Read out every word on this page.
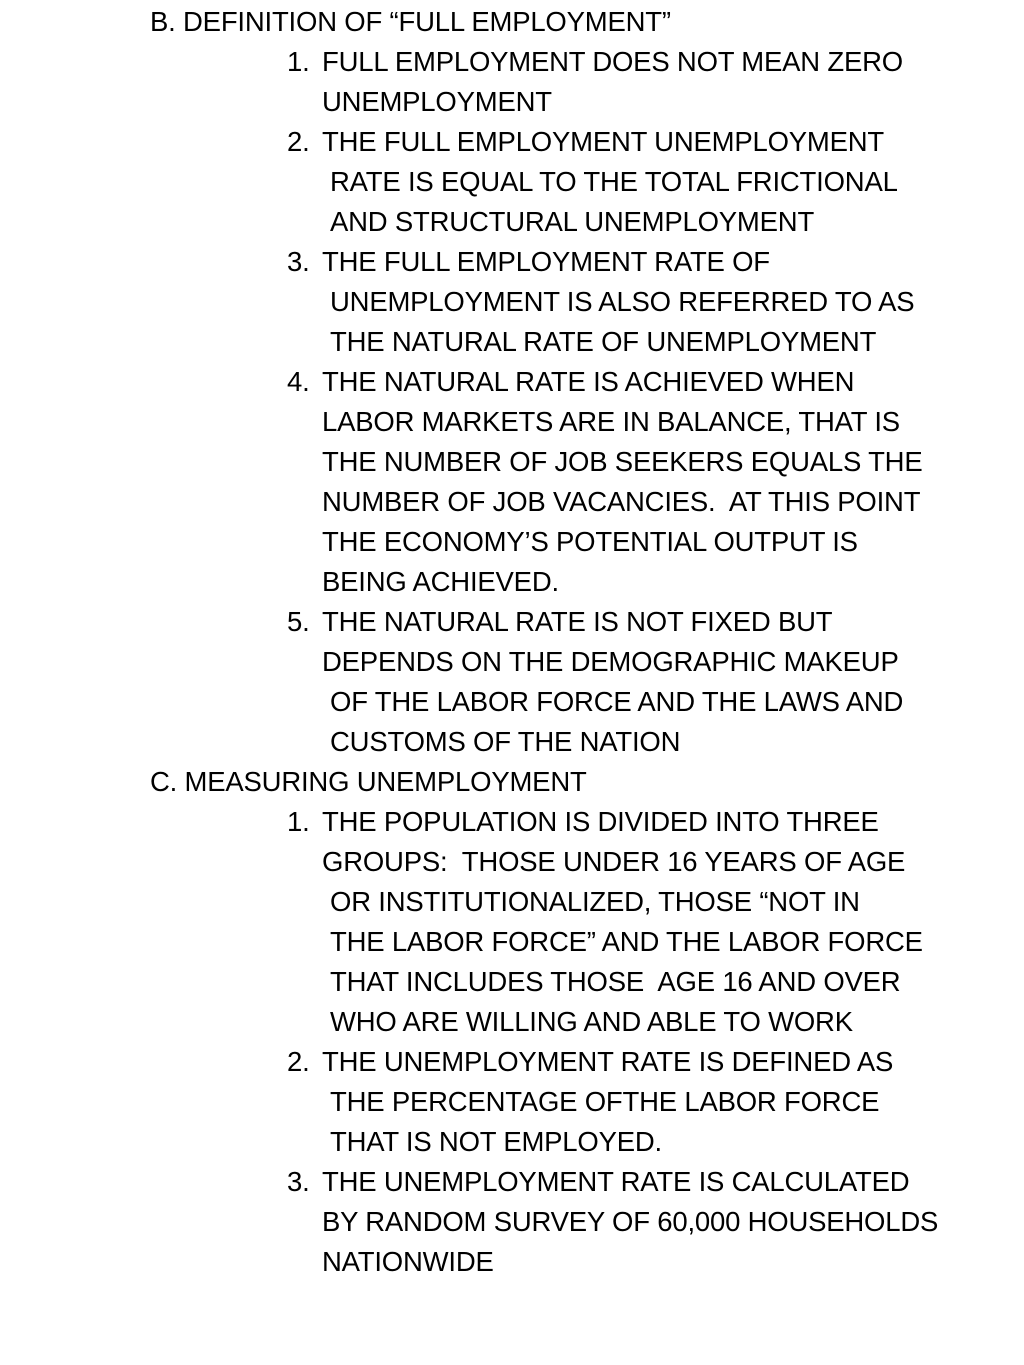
B. DEFINITION OF “FULL EMPLOYMENT”
1. FULL EMPLOYMENT DOES NOT MEAN ZERO
UNEMPLOYMENT
2. THE FULL EMPLOYMENT UNEMPLOYMENT
RATE IS EQUAL TO THE TOTAL FRICTIONAL
AND STRUCTURAL UNEMPLOYMENT
3. THE FULL EMPLOYMENT RATE OF
UNEMPLOYMENT IS ALSO REFERRED TO AS
THE NATURAL RATE OF UNEMPLOYMENT
4. THE NATURAL RATE IS ACHIEVED WHEN
LABOR MARKETS ARE IN BALANCE, THAT IS
THE NUMBER OF JOB SEEKERS EQUALS THE
NUMBER OF JOB VACANCIES.  AT THIS POINT
THE ECONOMY’S POTENTIAL OUTPUT IS
BEING ACHIEVED.
5. THE NATURAL RATE IS NOT FIXED BUT
DEPENDS ON THE DEMOGRAPHIC MAKEUP
OF THE LABOR FORCE AND THE LAWS AND
CUSTOMS OF THE NATION
C. MEASURING UNEMPLOYMENT
1. THE POPULATION IS DIVIDED INTO THREE
GROUPS:  THOSE UNDER 16 YEARS OF AGE
OR INSTITUTIONALIZED, THOSE “NOT IN
THE LABOR FORCE” AND THE LABOR FORCE
THAT INCLUDES THOSE  AGE 16 AND OVER
WHO ARE WILLING AND ABLE TO WORK
2. THE UNEMPLOYMENT RATE IS DEFINED AS
THE PERCENTAGE OFTHE LABOR FORCE
THAT IS NOT EMPLOYED.
3. THE UNEMPLOYMENT RATE IS CALCULATED
BY RANDOM SURVEY OF 60,000 HOUSEHOLDS
NATIONWIDE
